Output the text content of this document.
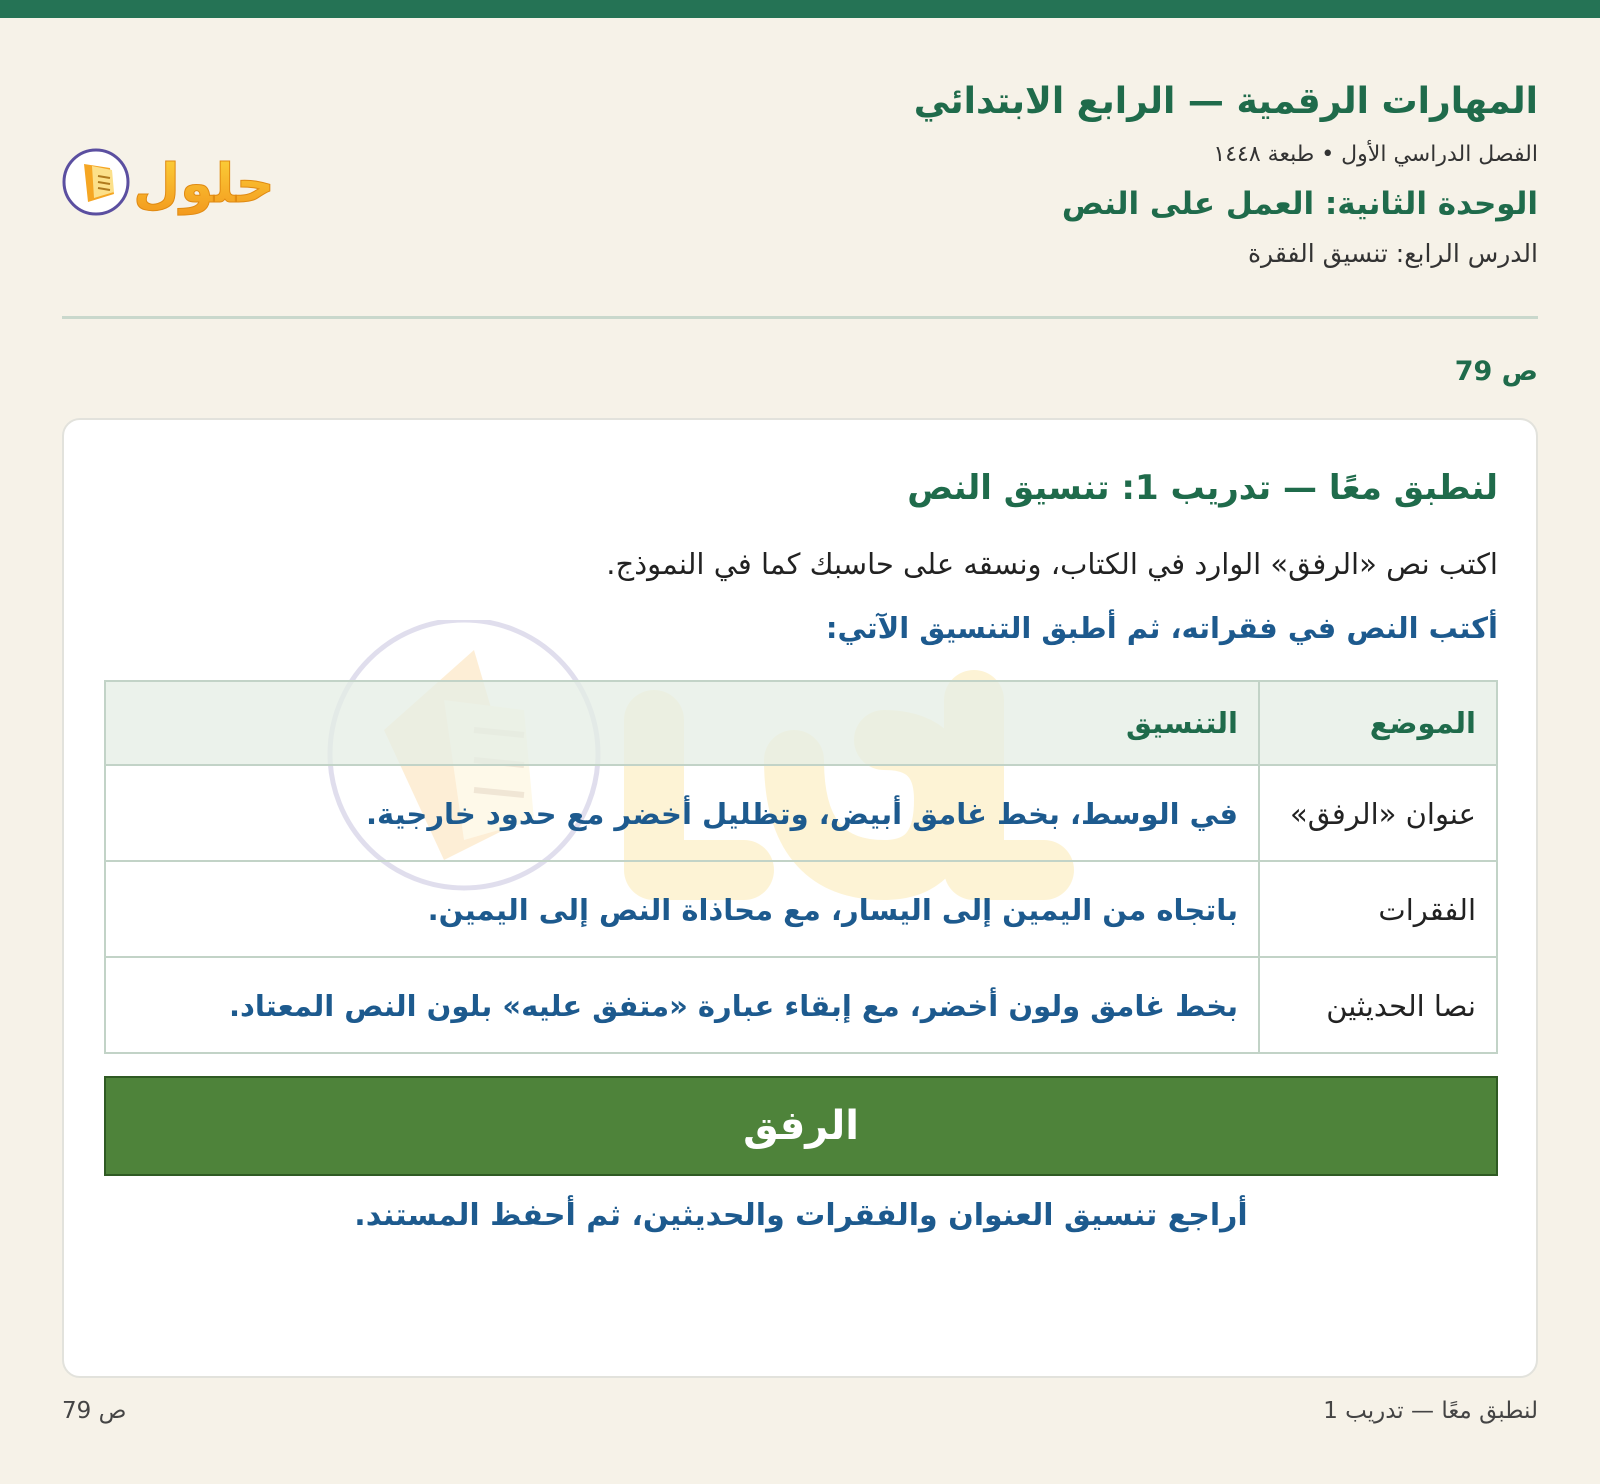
المهارات الرقمية — الرابع الابتدائي
الفصل الدراسي الأول • طبعة ١٤٤٨
الوحدة الثانية: العمل على النص
الدرس الرابع: تنسيق الفقرة
حلول
ص 79
لنطبق معًا — تدريب 1: تنسيق النص

اكتب نص «الرفق» الوارد في الكتاب، ونسقه على حاسبك كما في النموذج.

أكتب النص في فقراته، ثم أطبق التنسيق الآتي:

الموضع	التنسيق
عنوان «الرفق»	في الوسط، بخط غامق أبيض، وتظليل أخضر مع حدود خارجية.
الفقرات	باتجاه من اليمين إلى اليسار، مع محاذاة النص إلى اليمين.
نصا الحديثين	بخط غامق ولون أخضر، مع إبقاء عبارة «متفق عليه» بلون النص المعتاد.
الرفق

أراجع تنسيق العنوان والفقرات والحديثين، ثم أحفظ المستند.

ص 79	لنطبق معًا — تدريب 1
